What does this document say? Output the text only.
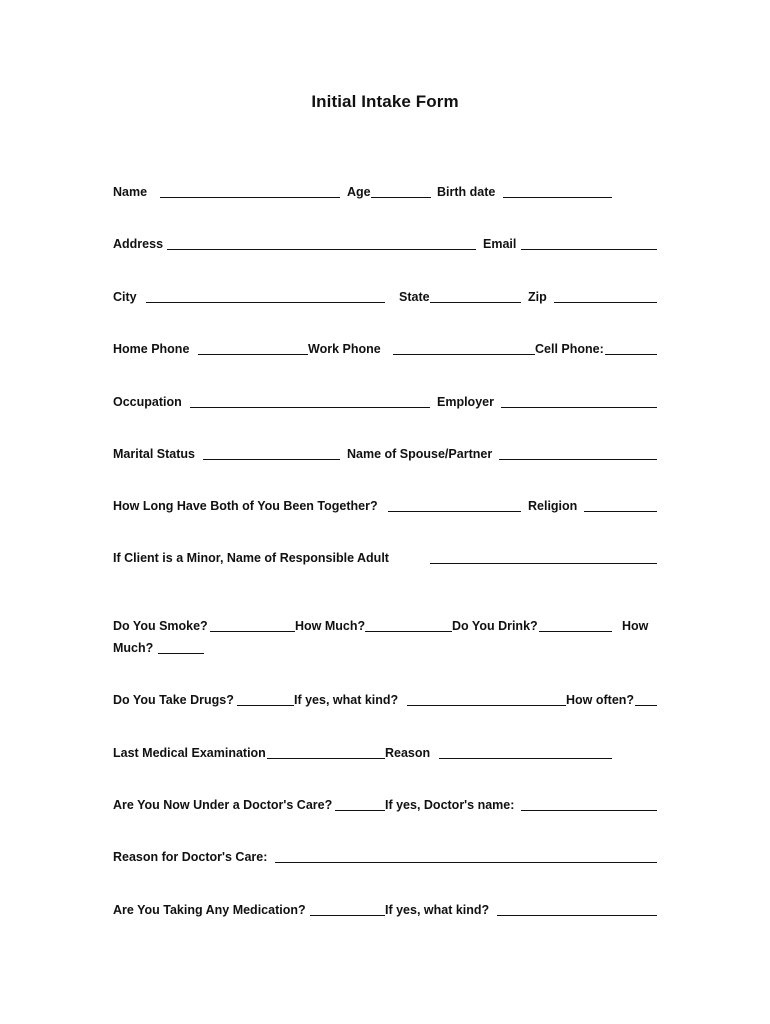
Initial Intake Form
Name	Age	Birth date
Address	Email
City	State	Zip
Home Phone	Work Phone	Cell Phone:
Occupation	Employer
Marital Status	Name of Spouse/Partner
How Long Have Both of You Been Together?	Religion
If Client is a Minor, Name of Responsible Adult
Do You Smoke?	How Much?	Do You Drink?	How
Much?
Do You Take Drugs?	If yes, what kind?	How often?
Last Medical Examination	Reason
Are You Now Under a Doctor's Care?	If yes, Doctor's name:
Reason for Doctor's Care:
Are You Taking Any Medication?	If yes, what kind?
